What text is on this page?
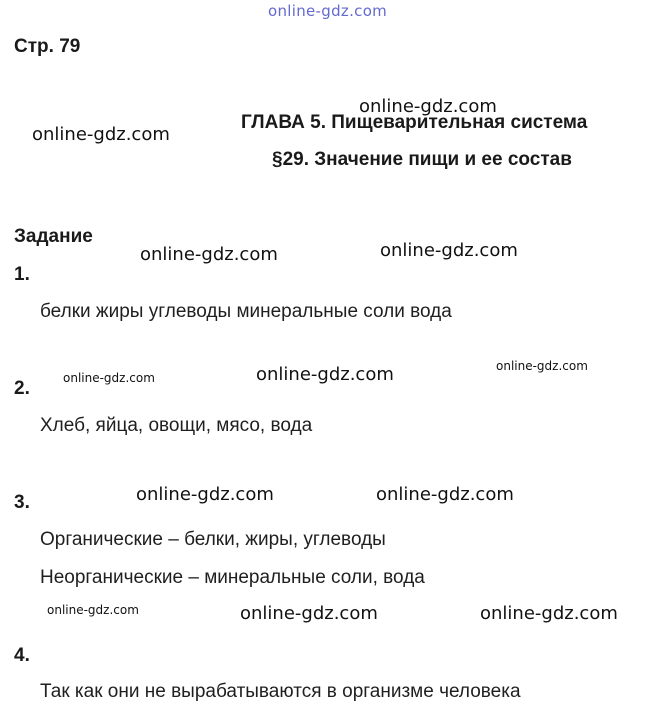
online-gdz.com
Стр. 79
ГЛАВА 5. Пищеварительная система
§29. Значение пищи и ее состав
Задание
1.
белки жиры углеводы минеральные соли вода
2.
Хлеб, яйца, овощи, мясо, вода
3.
Органические – белки, жиры, углеводы
Неорганические – минеральные соли, вода
4.
Так как они не вырабатываются в организме человека
online-gdz.com
online-gdz.com
online-gdz.com
online-gdz.com
online-gdz.com
online-gdz.com	online-gdz.com
online-gdz.com	online-gdz.com
online-gdz.com	online-gdz.com	online-gdz.com
